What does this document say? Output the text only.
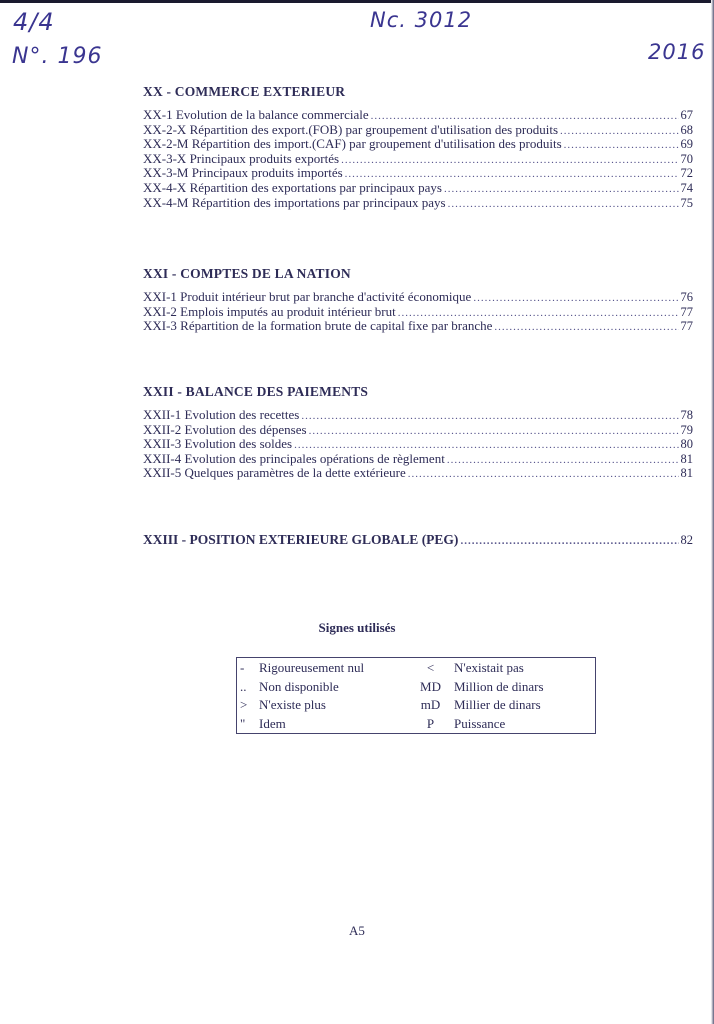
4/4
N°. 196
Nc. 3012
2016
XX - COMMERCE EXTERIEUR
XX-1 Evolution de la balance commerciale .....	67
XX-2-X Répartition des export.(FOB) par groupement d'utilisation des produits .....	68
XX-2-M Répartition des import.(CAF) par groupement d'utilisation des produits .....	69
XX-3-X Principaux produits exportés .....	70
XX-3-M Principaux produits importés .....	72
XX-4-X Répartition des exportations par principaux pays .....	74
XX-4-M Répartition des importations par principaux pays .....	75
XXI - COMPTES DE LA NATION
XXI-1 Produit intérieur brut par branche d'activité économique .....	76
XXI-2 Emplois imputés au produit intérieur brut .....	77
XXI-3 Répartition de la formation brute de capital fixe par branche .....	77
XXII - BALANCE DES PAIEMENTS
XXII-1 Evolution des recettes .....	78
XXII-2 Evolution des dépenses .....	79
XXII-3 Evolution des soldes .....	80
XXII-4 Evolution des principales opérations de règlement .....	81
XXII-5 Quelques paramètres de la dette extérieure .....	81
XXIII - POSITION EXTERIEURE GLOBALE (PEG) .....	82
Signes utilisés
-	Rigoureusement nul	<	N'existait pas
.. Non disponible	MD	Million de dinars
> N'existe plus	mD	Millier de dinars
"	Idem	P	Puissance
A5
